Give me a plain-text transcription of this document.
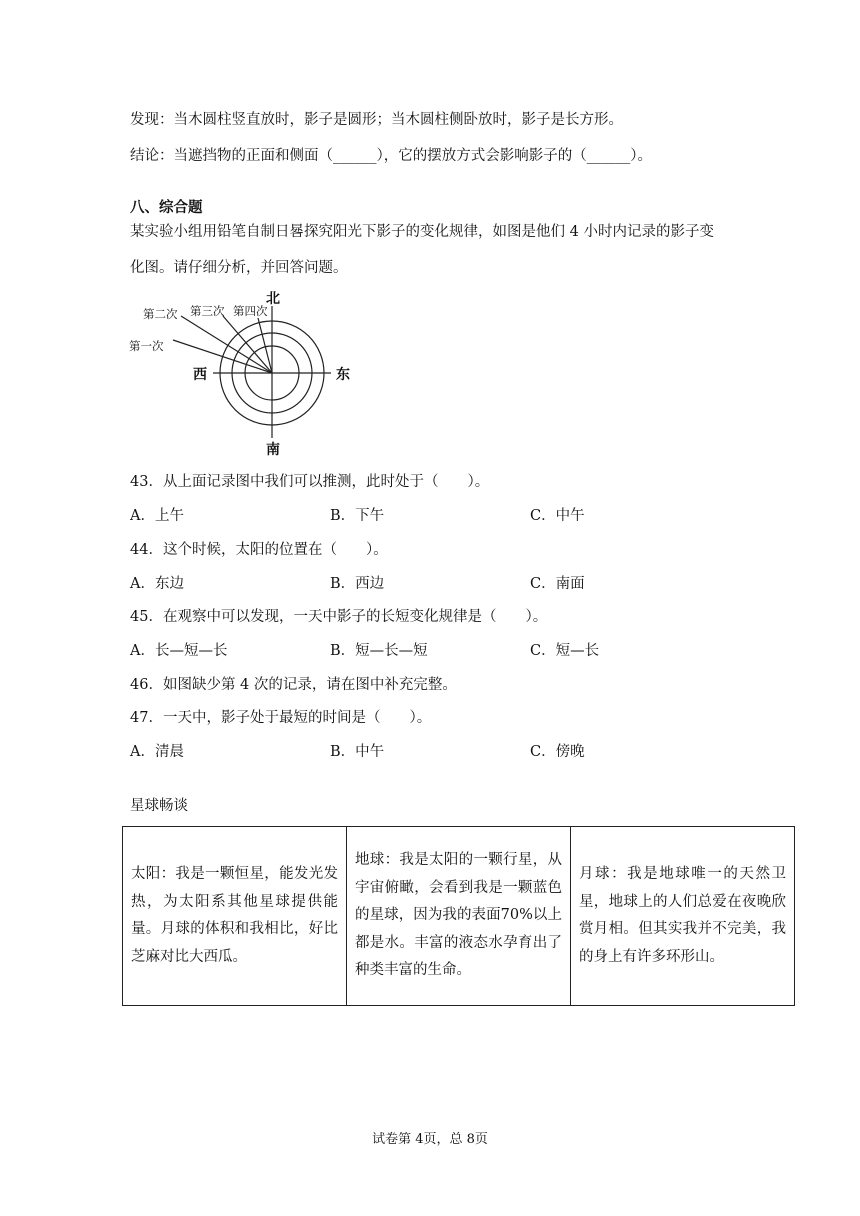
发现：当木圆柱竖直放时，影子是圆形；当木圆柱侧卧放时，影子是长方形。
结论：当遮挡物的正面和侧面（______），它的摆放方式会影响影子的（______）。
八、综合题
某实验小组用铅笔自制日晷探究阳光下影子的变化规律，如图是他们 4 小时内记录的影子变
化图。请仔细分析，并回答问题。
北
南
东
西
第一次
第二次 第三次 第四次
43．从上面记录图中我们可以推测，此时处于（　　）。
A．上午	B．下午	C．中午
44．这个时候，太阳的位置在（　　）。
A．东边	B．西边	C．南面
45．在观察中可以发现，一天中影子的长短变化规律是（　　）。
A．长—短—长	B．短—长—短	C．短—长
46．如图缺少第 4 次的记录，请在图中补充完整。
47．一天中，影子处于最短的时间是（　　）。
A．清晨	B．中午	C．傍晚
星球畅谈
太阳：我是一颗恒星，能发光发热，为太阳系其他星球提供能量。月球的体积和我相比，好比芝麻对比大西瓜。	地球：我是太阳的一颗行星，从宇宙俯瞰，会看到我是一颗蓝色的星球，因为我的表面70%以上都是水。丰富的液态水孕育出了种类丰富的生命。	月球：我是地球唯一的天然卫星，地球上的人们总爱在夜晚欣赏月相。但其实我并不完美，我的身上有许多环形山。
试卷第 4页，总 8页
